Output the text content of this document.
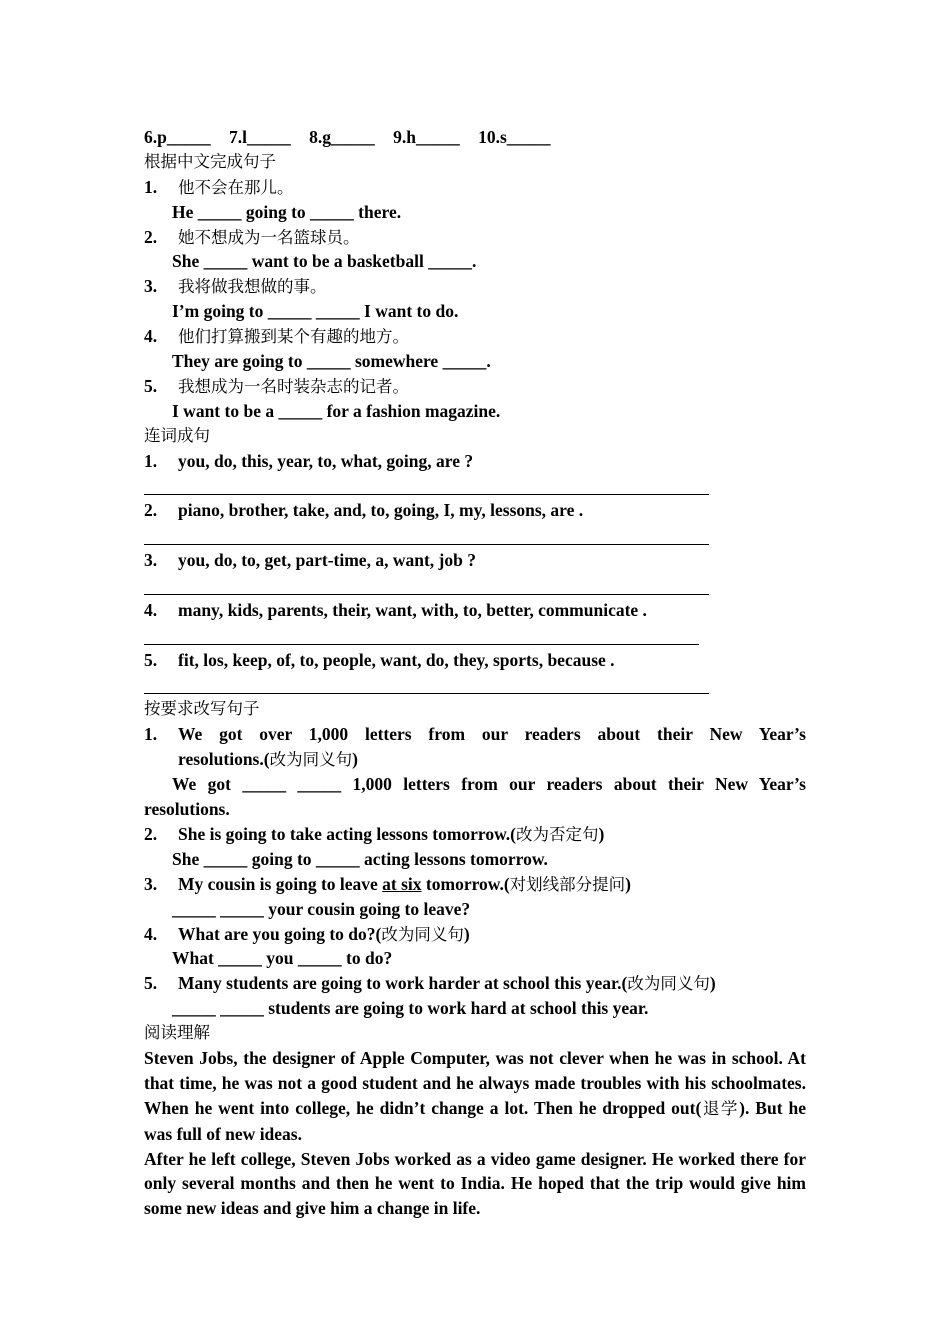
6.p_____ 7.l_____ 8.g_____ 9.h_____ 10.s_____
根据中文完成句子
1. 他不会在那儿。
He _____ going to _____ there.
2. 她不想成为一名篮球员。
She _____ want to be a basketball _____.
3. 我将做我想做的事。
I’m going to _____ _____ I want to do.
4. 他们打算搬到某个有趣的地方。
They are going to _____ somewhere _____.
5. 我想成为一名时装杂志的记者。
I want to be a _____ for a fashion magazine.
连词成句
1. you, do, this, year, to, what, going, are ?
2. piano, brother, take, and, to, going, I, my, lessons, are .
3. you, do, to, get, part-time, a, want, job ?
4. many, kids, parents, their, want, with, to, better, communicate .
5. fit, los, keep, of, to, people, want, do, they, sports, because .
按要求改写句子
1. We got over 1,000 letters from our readers about their New Year’s
resolutions.(改为同义句)
We got _____ _____ 1,000 letters from our readers about their New Year’s
resolutions.
2. She is going to take acting lessons tomorrow.(改为否定句)
She _____ going to _____ acting lessons tomorrow.
3. My cousin is going to leave at six tomorrow.(对划线部分提问)
_____ _____ your cousin going to leave?
4. What are you going to do?(改为同义句)
What _____ you _____ to do?
5. Many students are going to work harder at school this year.(改为同义句)
_____ _____ students are going to work hard at school this year.
阅读理解
Steven Jobs, the designer of Apple Computer, was not clever when he was in school. At that time, he was not a good student and he always made troubles with his schoolmates. When he went into college, he didn’t change a lot. Then he dropped out(退学). But he was full of new ideas.
After he left college, Steven Jobs worked as a video game designer. He worked there for only several months and then he went to India. He hoped that the trip would give him some new ideas and give him a change in life.
